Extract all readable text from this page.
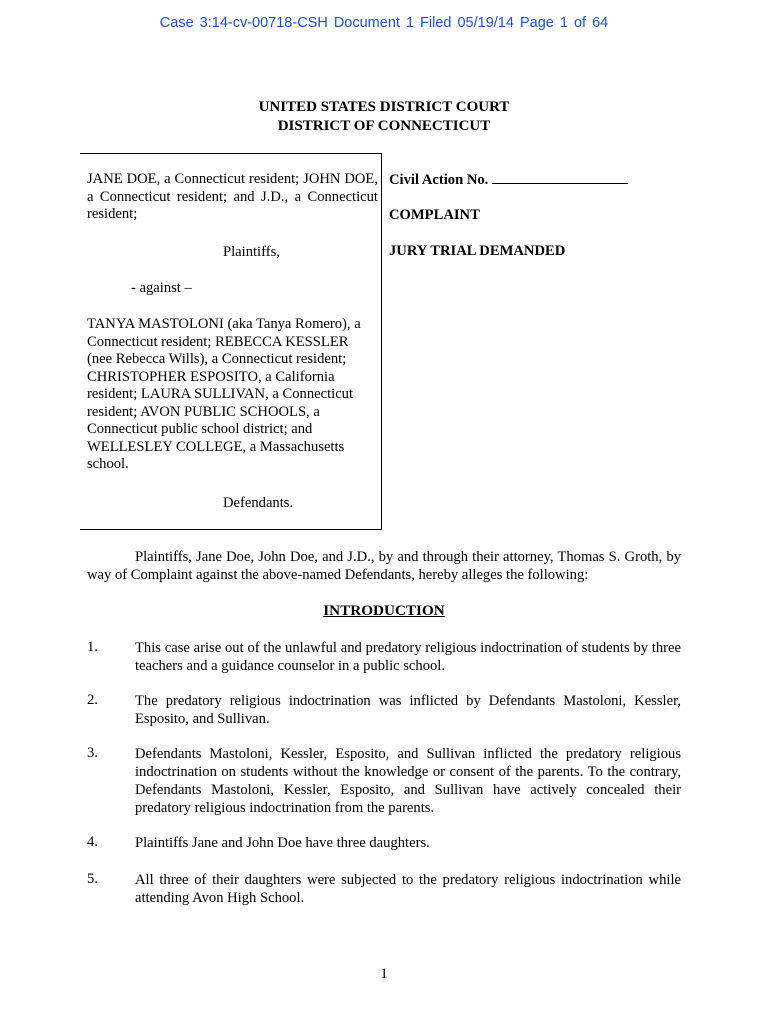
Case 3:14-cv-00718-CSH Document 1 Filed 05/19/14 Page 1 of 64
UNITED STATES DISTRICT COURT
DISTRICT OF CONNECTICUT
JANE DOE, a Connecticut resident; JOHN DOE, a Connecticut resident; and J.D., a Connecticut resident;
Plaintiffs,
- against –
TANYA MASTOLONI (aka Tanya Romero), a Connecticut resident; REBECCA KESSLER (nee Rebecca Wills), a Connecticut resident; CHRISTOPHER ESPOSITO, a California resident; LAURA SULLIVAN, a Connecticut resident; AVON PUBLIC SCHOOLS, a Connecticut public school district; and WELLESLEY COLLEGE, a Massachusetts school.
Defendants.
Civil Action No.
COMPLAINT
JURY TRIAL DEMANDED
Plaintiffs, Jane Doe, John Doe, and J.D., by and through their attorney, Thomas S. Groth, by way of Complaint against the above-named Defendants, hereby alleges the following:
INTRODUCTION
1.	This case arise out of the unlawful and predatory religious indoctrination of students by three teachers and a guidance counselor in a public school.
2.	The predatory religious indoctrination was inflicted by Defendants Mastoloni, Kessler, Esposito, and Sullivan.
3.	Defendants Mastoloni, Kessler, Esposito, and Sullivan inflicted the predatory religious indoctrination on students without the knowledge or consent of the parents. To the contrary, Defendants Mastoloni, Kessler, Esposito, and Sullivan have actively concealed their predatory religious indoctrination from the parents.
4.	Plaintiffs Jane and John Doe have three daughters.
5.	All three of their daughters were subjected to the predatory religious indoctrination while attending Avon High School.
1
